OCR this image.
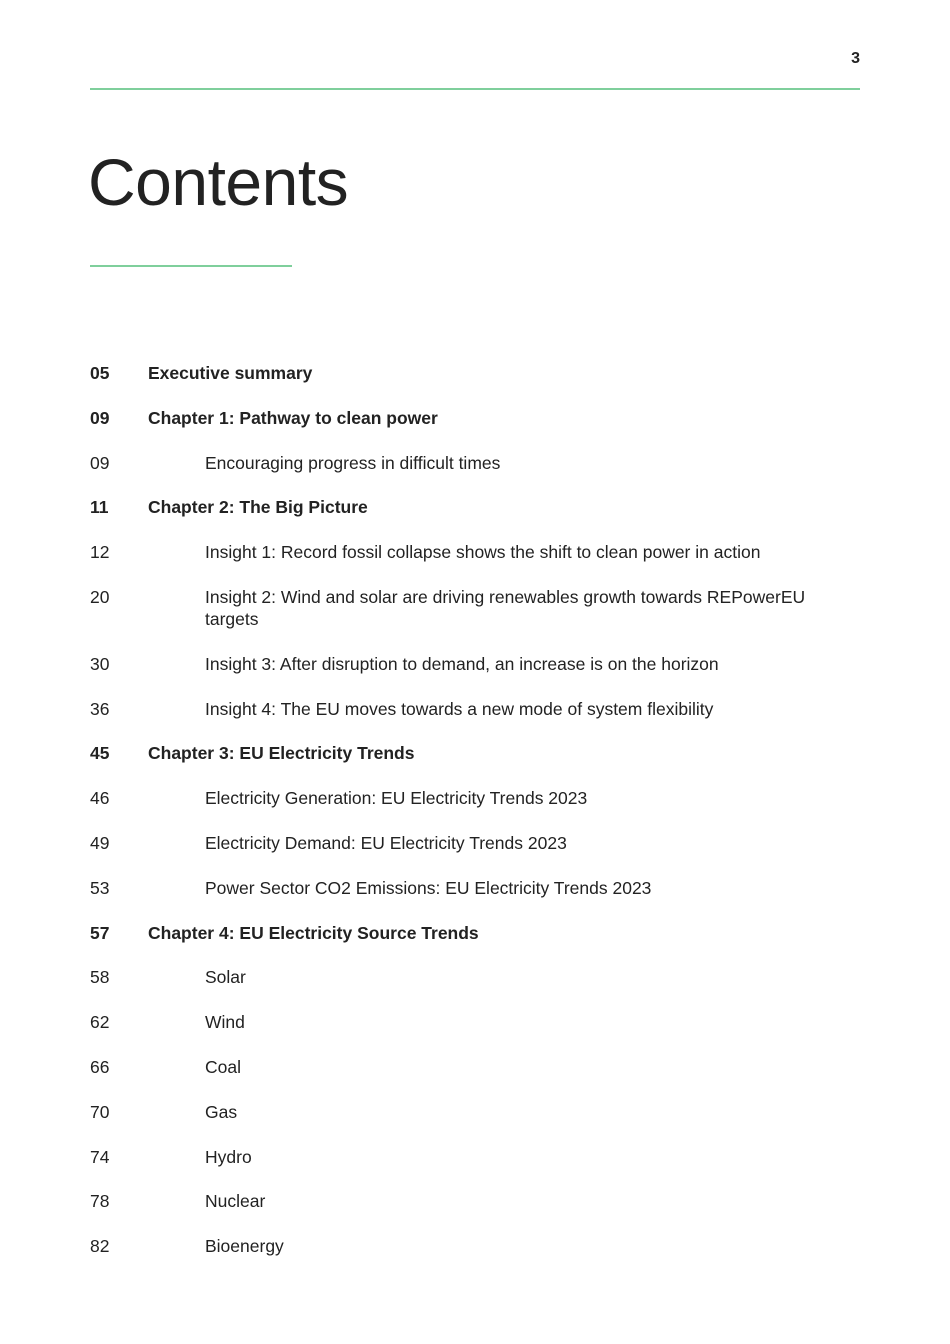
3
Contents
05	Executive summary
09	Chapter 1: Pathway to clean power
09	Encouraging progress in difficult times
11	Chapter 2: The Big Picture
12	Insight 1: Record fossil collapse shows the shift to clean power in action
20	Insight 2: Wind and solar are driving renewables growth towards REPowerEU targets
30	Insight 3: After disruption to demand, an increase is on the horizon
36	Insight 4: The EU moves towards a new mode of system flexibility
45	Chapter 3: EU Electricity Trends
46	Electricity Generation: EU Electricity Trends 2023
49	Electricity Demand: EU Electricity Trends 2023
53	Power Sector CO2 Emissions: EU Electricity Trends 2023
57	Chapter 4: EU Electricity Source Trends
58	Solar
62	Wind
66	Coal
70	Gas
74	Hydro
78	Nuclear
82	Bioenergy
